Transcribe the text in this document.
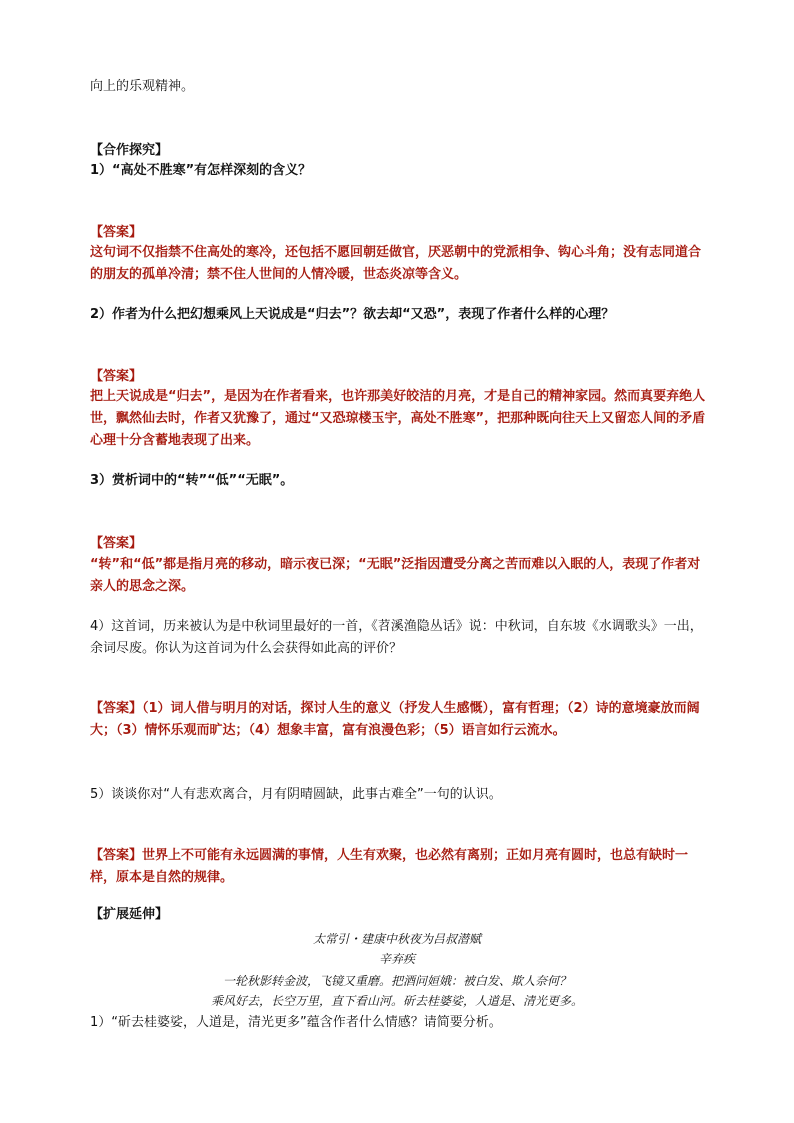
向上的乐观精神。
【合作探究】
1）“高处不胜寒”有怎样深刻的含义？
【答案】
这句词不仅指禁不住高处的寒冷，还包括不愿回朝廷做官，厌恶朝中的党派相争、钩心斗角；没有志同道合的朋友的孤单冷清；禁不住人世间的人情冷暖，世态炎凉等含义。
2）作者为什么把幻想乘风上天说成是“归去”？欲去却“又恐”，表现了作者什么样的心理？
【答案】
把上天说成是“归去”，是因为在作者看来，也许那美好皎洁的月亮，才是自己的精神家园。然而真要弃绝人世，飘然仙去时，作者又犹豫了，通过“又恐琼楼玉宇，高处不胜寒”，把那种既向往天上又留恋人间的矛盾心理十分含蓄地表现了出来。
3）赏析词中的“转”“低”“无眠”。
【答案】
“转”和“低”都是指月亮的移动，暗示夜已深；“无眠”泛指因遭受分离之苦而难以入眠的人，表现了作者对亲人的思念之深。
4）这首词，历来被认为是中秋词里最好的一首，《苕溪渔隐丛话》说：中秋词，自东坡《水调歌头》一出，余词尽废。你认为这首词为什么会获得如此高的评价？
【答案】（1）词人借与明月的对话，探讨人生的意义（抒发人生感慨），富有哲理；（2）诗的意境豪放而阔大；（3）情怀乐观而旷达；（4）想象丰富，富有浪漫色彩；（5）语言如行云流水。
5）谈谈你对“人有悲欢离合，月有阴晴圆缺，此事古难全”一句的认识。
【答案】世界上不可能有永远圆满的事情，人生有欢聚，也必然有离别；正如月亮有圆时，也总有缺时一样，原本是自然的规律。
【扩展延伸】
太常引・建康中秋夜为吕叔潜赋
辛弃疾
一轮秋影转金波，飞镜又重磨。把酒问姮娥：被白发、欺人奈何？
乘风好去，长空万里，直下看山河。斫去桂婆娑，人道是、清光更多。
1）“斫去桂婆娑，人道是，清光更多”蕴含作者什么情感？请简要分析。
